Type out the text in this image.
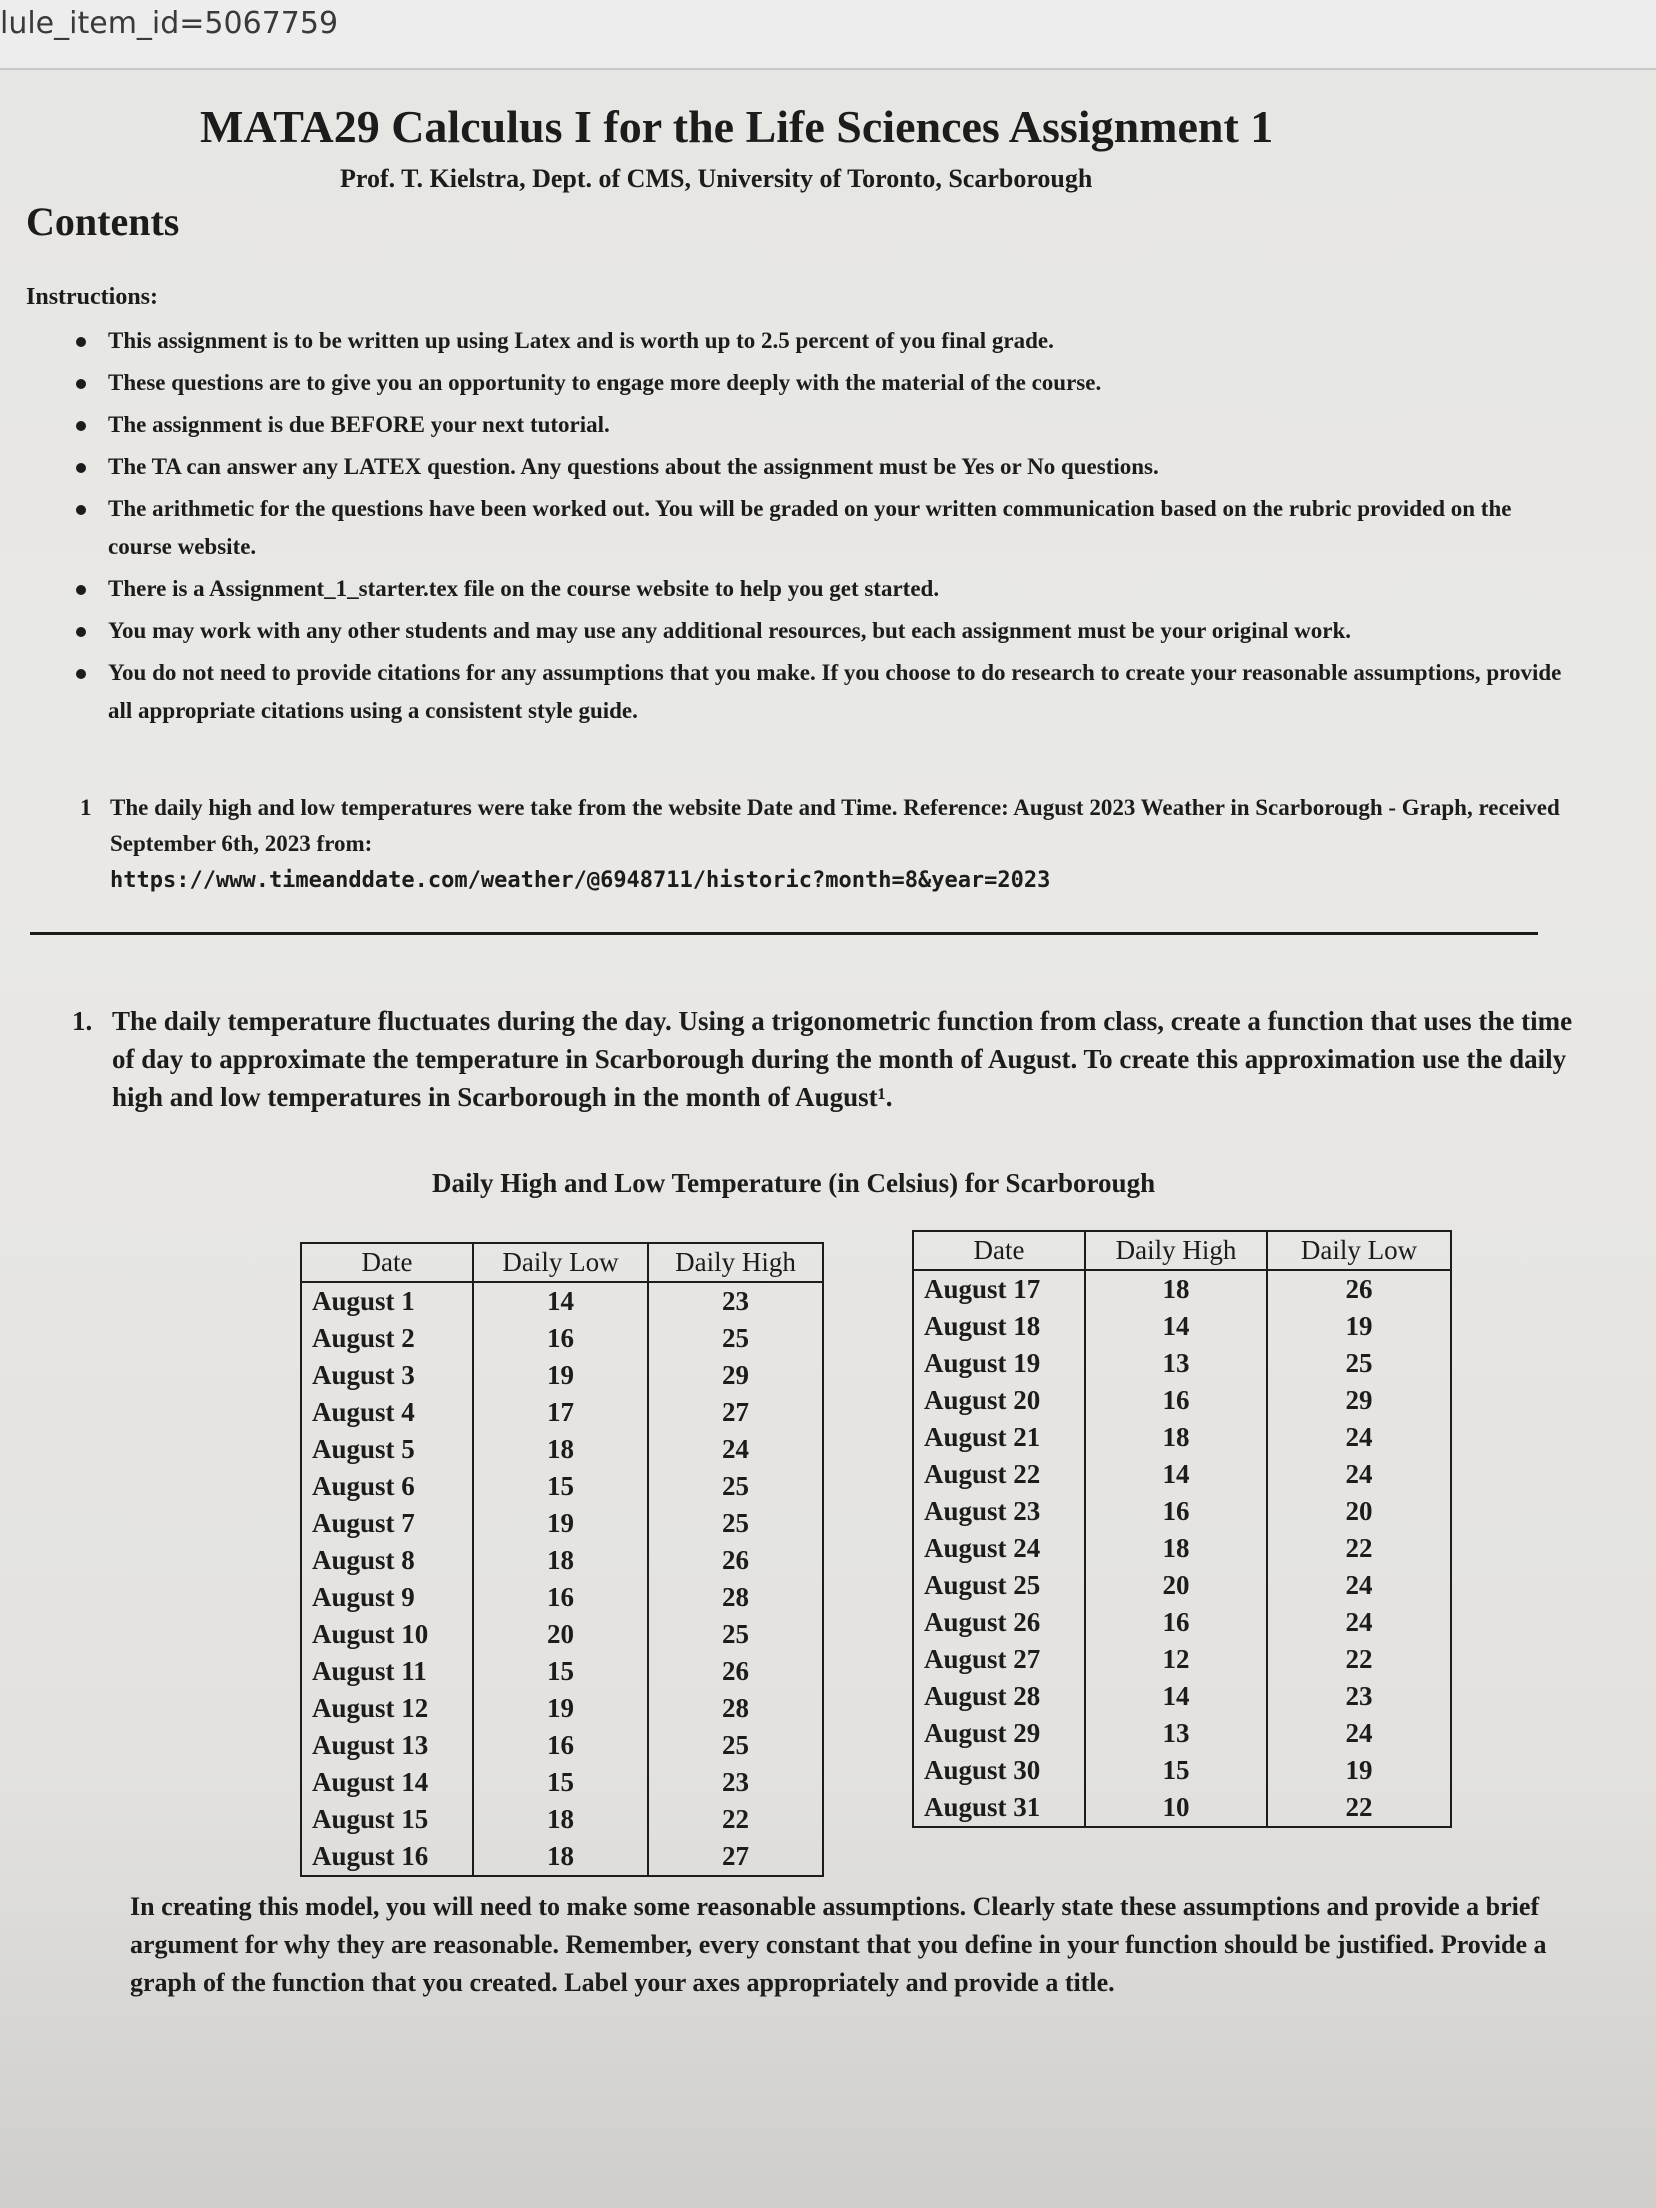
lule_item_id=5067759
MATA29 Calculus I for the Life Sciences Assignment 1
Prof. T. Kielstra, Dept. of CMS, University of Toronto, Scarborough
Contents
Instructions:
This assignment is to be written up using Latex and is worth up to 2.5 percent of you final grade.
These questions are to give you an opportunity to engage more deeply with the material of the course.
The assignment is due BEFORE your next tutorial.
The TA can answer any LATEX question. Any questions about the assignment must be Yes or No questions.
The arithmetic for the questions have been worked out. You will be graded on your written communication based on the rubric provided on the course website.
There is a Assignment_1_starter.tex file on the course website to help you get started.
You may work with any other students and may use any additional resources, but each assignment must be your original work.
You do not need to provide citations for any assumptions that you make. If you choose to do research to create your reasonable assumptions, provide all appropriate citations using a consistent style guide.
1 The daily high and low temperatures were take from the website Date and Time. Reference: August 2023 Weather in Scarborough - Graph, received September 6th, 2023 from:
https://www.timeanddate.com/weather/@6948711/historic?month=8&year=2023
1. The daily temperature fluctuates during the day. Using a trigonometric function from class, create a function that uses the time of day to approximate the temperature in Scarborough during the month of August. To create this approximation use the daily high and low temperatures in Scarborough in the month of August¹.
Daily High and Low Temperature (in Celsius) for Scarborough
Date	Daily Low	Daily High
August 1	14	23
August 2	16	25
August 3	19	29
August 4	17	27
August 5	18	24
August 6	15	25
August 7	19	25
August 8	18	26
August 9	16	28
August 10	20	25
August 11	15	26
August 12	19	28
August 13	16	25
August 14	15	23
August 15	18	22
August 16	18	27
Date	Daily High	Daily Low
August 17	18	26
August 18	14	19
August 19	13	25
August 20	16	29
August 21	18	24
August 22	14	24
August 23	16	20
August 24	18	22
August 25	20	24
August 26	16	24
August 27	12	22
August 28	14	23
August 29	13	24
August 30	15	19
August 31	10	22
In creating this model, you will need to make some reasonable assumptions. Clearly state these assumptions and provide a brief argument for why they are reasonable. Remember, every constant that you define in your function should be justified. Provide a graph of the function that you created. Label your axes appropriately and provide a title.
